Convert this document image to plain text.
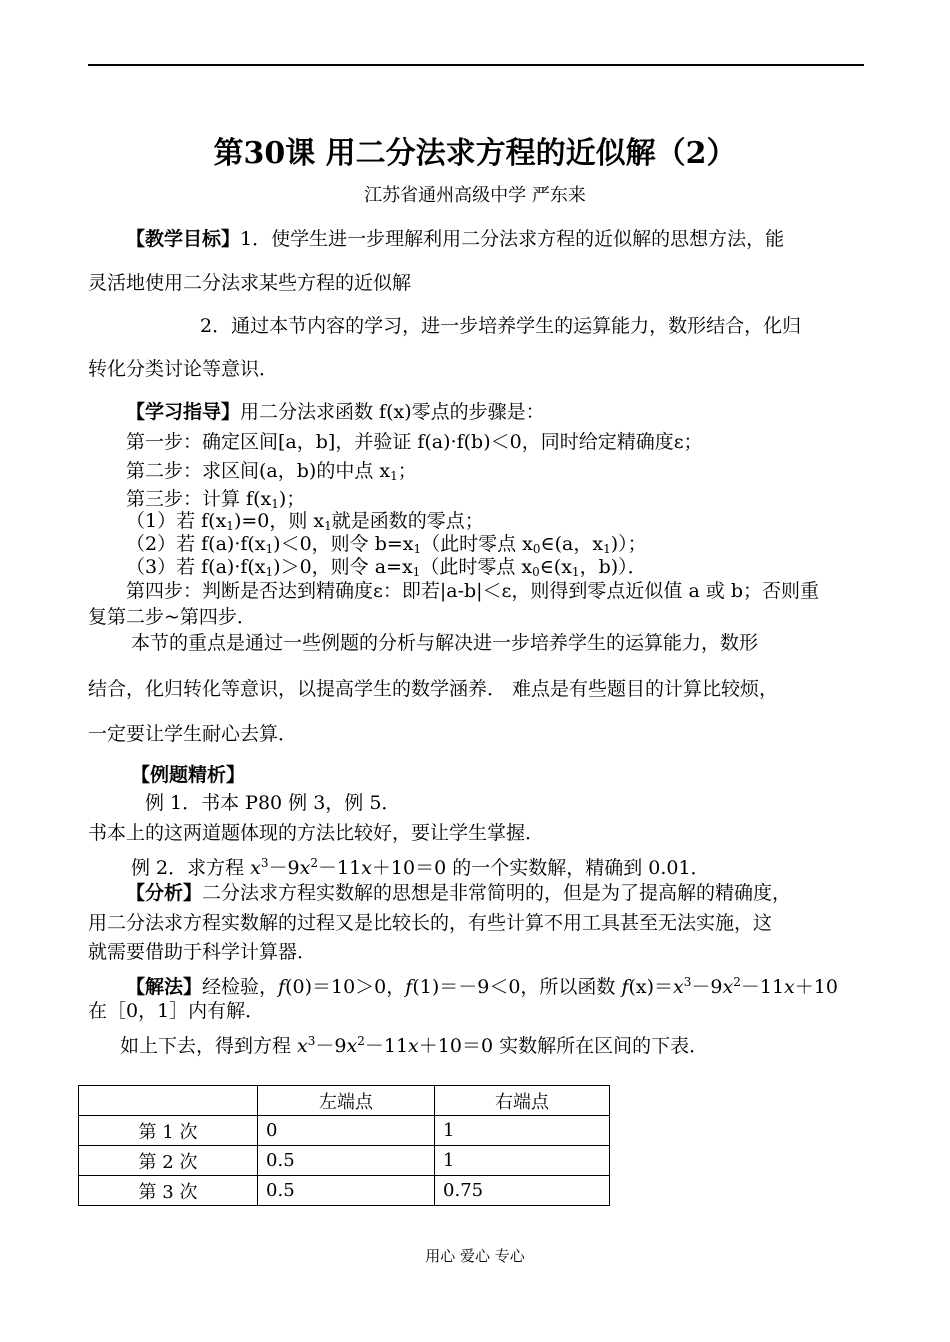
第30课 用二分法求方程的近似解（2）
江苏省通州高级中学 严东来
【教学目标】1．使学生进一步理解利用二分法求方程的近似解的思想方法，能
灵活地使用二分法求某些方程的近似解
2．通过本节内容的学习，进一步培养学生的运算能力，数形结合，化归
转化分类讨论等意识．
【学习指导】用二分法求函数 f(x)零点的步骤是：
第一步：确定区间[a，b]，并验证 f(a)·f(b)＜0，同时给定精确度ε；
第二步：求区间(a，b)的中点 $x_1$；
第三步：计算 $f(x_1)$；
（1）若 $f(x_1)=0$，则 $x_1$就是函数的零点；
（2）若 $f(a)\cdot f(x_1)<0$，则令 $b=x_1$（此时零点 $x_0\in(a$，$x_1$)）；
（3）若 $f(a)\cdot f(x_1)>0$，则令 $a=x_1$（此时零点 $x_0\in(x_1$，b)）．
第四步：判断是否达到精确度ε：即若|a-b|＜ε，则得到零点近似值 a 或 b；否则重
复第二步~第四步．
本节的重点是通过一些例题的分析与解决进一步培养学生的运算能力，数形
结合，化归转化等意识，以提高学生的数学涵养． 难点是有些题目的计算比较烦，
一定要让学生耐心去算．
【例题精析】
例 1．书本 P80 例 3，例 5．
书本上的这两道题体现的方法比较好，要让学生掌握．
例 2．求方程 $x^3-9x^2-11x+10=0$ 的一个实数解，精确到 0.01．
【分析】二分法求方程实数解的思想是非常简明的，但是为了提高解的精确度，
用二分法求方程实数解的过程又是比较长的，有些计算不用工具甚至无法实施，这
就需要借助于科学计算器．
【解法】经检验，f(0)＝10＞0，f(1)＝－9＜0，所以函数 $f(x)=x^3-9x^2-11x+10$
在［0，1］内有解．
如上下去，得到方程 $x^3-9x^2-11x+10=0$ 实数解所在区间的下表．
	左端点	右端点
第 1 次	0	1
第 2 次	0.5	1
第 3 次	0.5	0.75
用心 爱心 专心
